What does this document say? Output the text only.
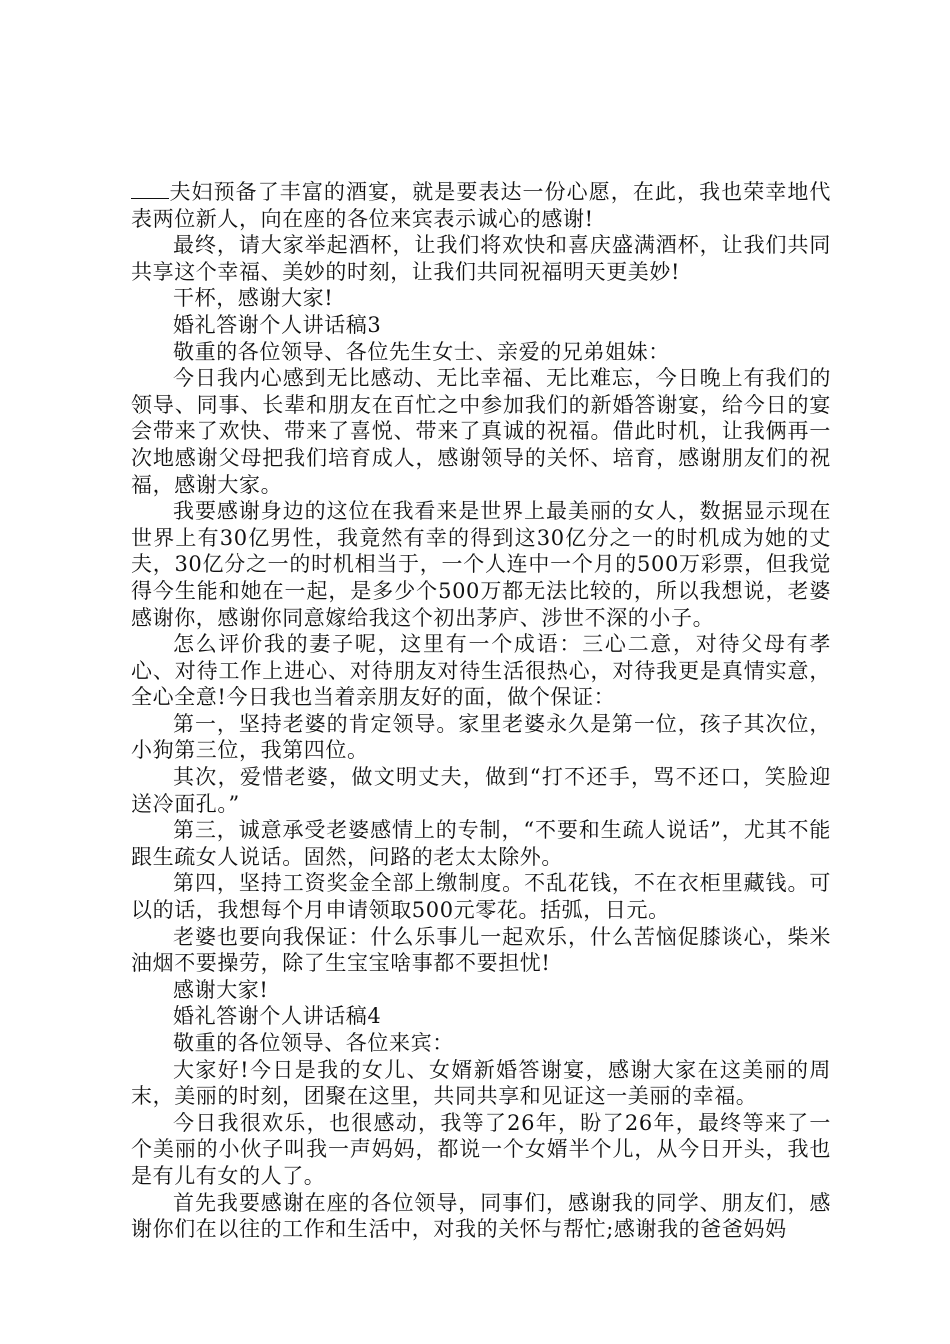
夫妇预备了丰富的酒宴，就是要表达一份心愿，在此，我也荣幸地代表两位新人，向在座的各位来宾表示诚心的感谢!

最终，请大家举起酒杯，让我们将欢快和喜庆盛满酒杯，让我们共同共享这个幸福、美妙的时刻，让我们共同祝福明天更美妙!

干杯，感谢大家!

婚礼答谢个人讲话稿3

敬重的各位领导、各位先生女士、亲爱的兄弟姐妹：

今日我内心感到无比感动、无比幸福、无比难忘，今日晚上有我们的领导、同事、长辈和朋友在百忙之中参加我们的新婚答谢宴，给今日的宴会带来了欢快、带来了喜悦、带来了真诚的祝福。借此时机，让我俩再一次地感谢父母把我们培育成人，感谢领导的关怀、培育，感谢朋友们的祝福，感谢大家。

我要感谢身边的这位在我看来是世界上最美丽的女人，数据显示现在世界上有30亿男性，我竟然有幸的得到这30亿分之一的时机成为她的丈夫，30亿分之一的时机相当于，一个人连中一个月的500万彩票，但我觉得今生能和她在一起，是多少个500万都无法比较的，所以我想说，老婆感谢你，感谢你同意嫁给我这个初出茅庐、涉世不深的小子。

怎么评价我的妻子呢，这里有一个成语：三心二意，对待父母有孝心、对待工作上进心、对待朋友对待生活很热心，对待我更是真情实意，全心全意!今日我也当着亲朋友好的面，做个保证：

第一，坚持老婆的肯定领导。家里老婆永久是第一位，孩子其次位，小狗第三位，我第四位。

其次，爱惜老婆，做文明丈夫，做到“打不还手，骂不还口，笑脸迎送冷面孔。”

第三，诚意承受老婆感情上的专制，“不要和生疏人说话”，尤其不能跟生疏女人说话。固然，问路的老太太除外。

第四，坚持工资奖金全部上缴制度。不乱花钱，不在衣柜里藏钱。可以的话，我想每个月申请领取500元零花。括弧，日元。

老婆也要向我保证：什么乐事儿一起欢乐，什么苦恼促膝谈心，柴米油烟不要操劳，除了生宝宝啥事都不要担忧!

感谢大家!

婚礼答谢个人讲话稿4

敬重的各位领导、各位来宾：

大家好!今日是我的女儿、女婿新婚答谢宴，感谢大家在这美丽的周末，美丽的时刻，团聚在这里，共同共享和见证这一美丽的幸福。

今日我很欢乐，也很感动，我等了26年，盼了26年，最终等来了一个美丽的小伙子叫我一声妈妈，都说一个女婿半个儿，从今日开头，我也是有儿有女的人了。

首先我要感谢在座的各位领导，同事们，感谢我的同学、朋友们，感谢你们在以往的工作和生活中，对我的关怀与帮忙;感谢我的爸爸妈妈
